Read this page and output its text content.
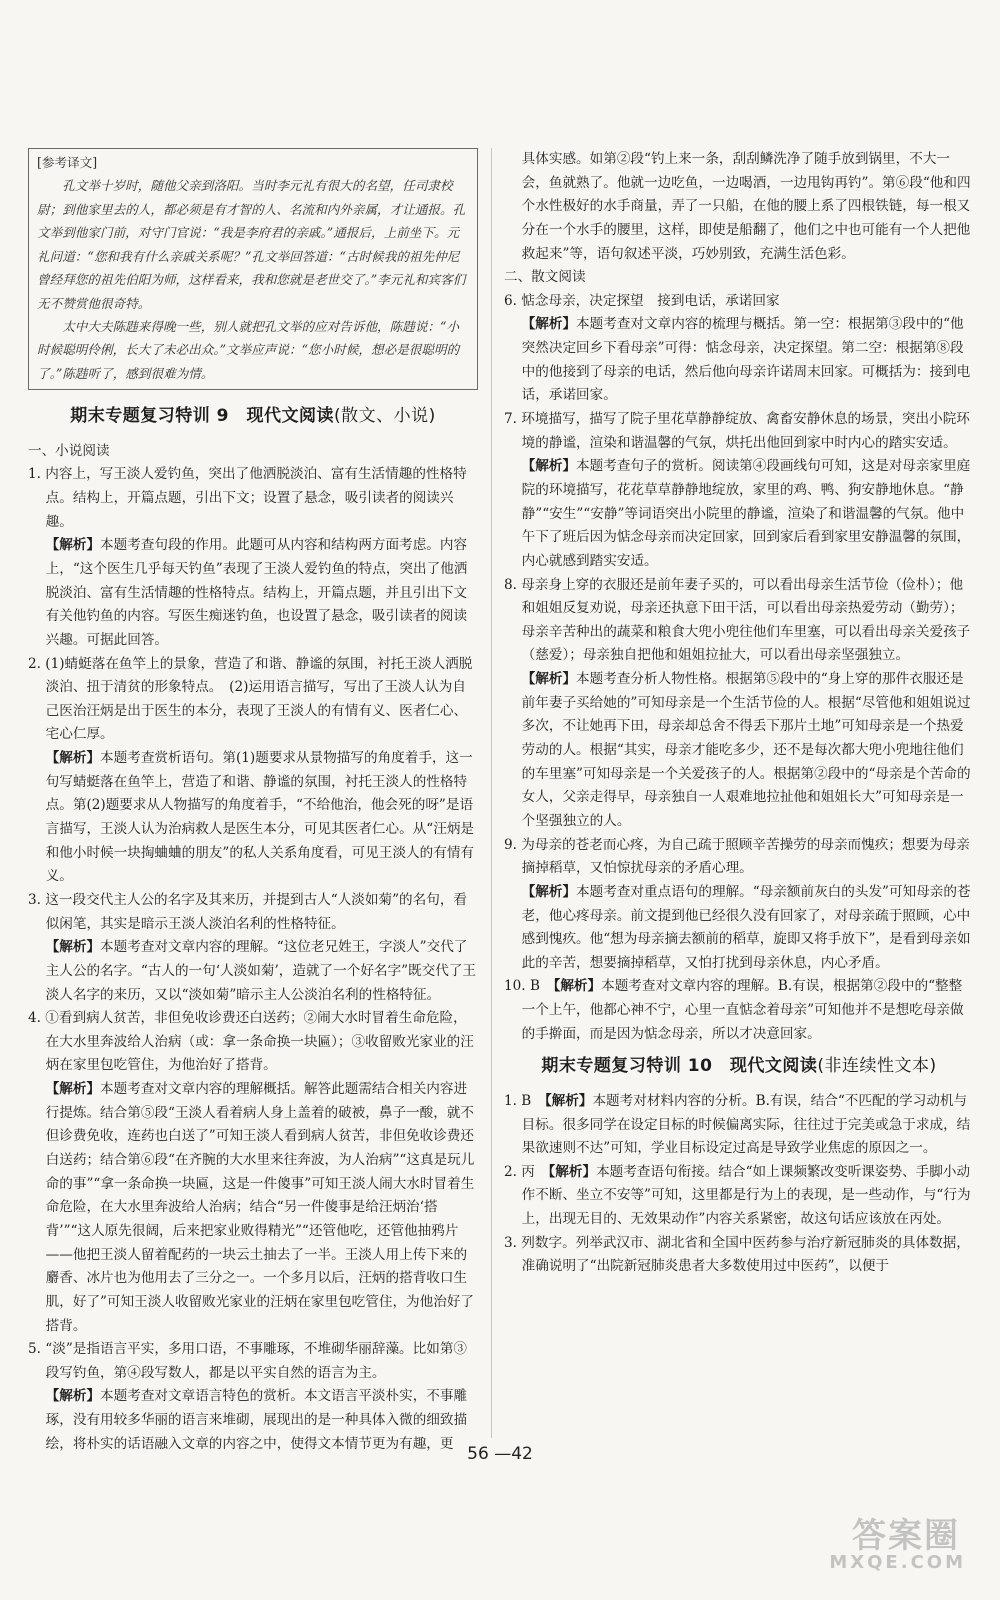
[参考译文]

孔文举十岁时，随他父亲到洛阳。当时李元礼有很大的名望，任司隶校尉；到他家里去的人，都必须是有才智的人、名流和内外亲属，才让通报。孔文举到他家门前，对守门官说：“我是李府君的亲戚。”通报后，上前坐下。元礼问道：“您和我有什么亲戚关系呢？”孔文举回答道：“古时候我的祖先仲尼曾经拜您的祖先伯阳为师，这样看来，我和您就是老世交了。”李元礼和宾客们无不赞赏他很奇特。

太中大夫陈韪来得晚一些，别人就把孔文举的应对告诉他，陈韪说：“小时候聪明伶俐，长大了未必出众。”文举应声说：“您小时候，想必是很聪明的了。”陈韪听了，感到很难为情。

期末专题复习特训 9　现代文阅读(散文、小说)

一、小说阅读

1. 内容上，写王淡人爱钓鱼，突出了他洒脱淡泊、富有生活情趣的性格特点。结构上，开篇点题，引出下文；设置了悬念，吸引读者的阅读兴趣。

【解析】本题考查句段的作用。此题可从内容和结构两方面考虑。内容上，“这个医生几乎每天钓鱼”表现了王淡人爱钓鱼的特点，突出了他洒脱淡泊、富有生活情趣的性格特点。结构上，开篇点题，并且引出下文有关他钓鱼的内容。写医生痴迷钓鱼，也设置了悬念，吸引读者的阅读兴趣。可据此回答。

2. (1)蜻蜓落在鱼竿上的景象，营造了和谐、静谧的氛围，衬托王淡人洒脱淡泊、扭于清贫的形象特点。　(2)运用语言描写，写出了王淡人认为自己医治汪炳是出于医生的本分，表现了王淡人的有情有义、医者仁心、宅心仁厚。

【解析】本题考查赏析语句。第(1)题要求从景物描写的角度着手，这一句写蜻蜓落在鱼竿上，营造了和谐、静谧的氛围，衬托王淡人的性格特点。第(2)题要求从人物描写的角度着手，“不给他治，他会死的呀”是语言描写，王淡人认为治病救人是医生本分，可见其医者仁心。从“汪炳是和他小时候一块掏蛐蛐的朋友”的私人关系角度看，可见王淡人的有情有义。

3. 这一段交代主人公的名字及其来历，并提到古人“人淡如菊”的名句，看似闲笔，其实是暗示王淡人淡泊名利的性格特征。

【解析】本题考查对文章内容的理解。“这位老兄姓王，字淡人”交代了主人公的名字。“古人的一句‘人淡如菊’，造就了一个好名字”既交代了王淡人名字的来历，又以“淡如菊”暗示主人公淡泊名利的性格特征。

4. ①看到病人贫苦，非但免收诊费还白送药；②闹大水时冒着生命危险，在大水里奔波给人治病（或：拿一条命换一块匾）；③收留败光家业的汪炳在家里包吃管住，为他治好了搭背。

【解析】本题考查对文章内容的理解概括。解答此题需结合相关内容进行提炼。结合第⑤段“王淡人看着病人身上盖着的破被，鼻子一酸，就不但诊费免收，连药也白送了”可知王淡人看到病人贫苦，非但免收诊费还白送药；结合第⑥段“在齐腕的大水里来往奔波，为人治病”“这真是玩儿命的事”“拿一条命换一块匾，这是一件傻事”可知王淡人闹大水时冒着生命危险，在大水里奔波给人治病；结合“另一件傻事是给汪炳治‘搭背’”“这人原先很阔，后来把家业败得精光”“还管他吃，还管他抽鸦片——他把王淡人留着配药的一块云土抽去了一半。王淡人用上传下来的麝香、冰片也为他用去了三分之一。一个多月以后，汪炳的搭背收口生肌，好了”可知王淡人收留败光家业的汪炳在家里包吃管住，为他治好了搭背。

5. “淡”是指语言平实，多用口语，不事雕琢，不堆砌华丽辞藻。比如第③段写钓鱼，第④段写数人，都是以平实自然的语言为主。

【解析】本题考查对文章语言特色的赏析。本文语言平淡朴实，不事雕琢，没有用较多华丽的语言来堆砌，展现出的是一种具体入微的细致描绘，将朴实的话语融入文章的内容之中，使得文本情节更为有趣，更

具体实感。如第②段“钓上来一条，刮刮鳞洗净了随手放到锅里，不大一会，鱼就熟了。他就一边吃鱼，一边喝酒，一边甩钩再钓”。第⑥段“他和四个水性极好的水手商量，弄了一只船，在他的腰上系了四根铁链，每一根又分在一个水手的腰里，这样，即使是船翻了，他们之中也可能有一个人把他救起来”等，语句叙述平淡，巧妙别致，充满生活色彩。

二、散文阅读

6. 惦念母亲，决定探望　接到电话，承诺回家

【解析】本题考查对文章内容的梳理与概括。第一空：根据第③段中的“他突然决定回乡下看母亲”可得：惦念母亲，决定探望。第二空：根据第⑧段中的他接到了母亲的电话，然后他向母亲许诺周末回家。可概括为：接到电话，承诺回家。

7. 环境描写，描写了院子里花草静静绽放、禽畜安静休息的场景，突出小院环境的静谧，渲染和谐温馨的气氛，烘托出他回到家中时内心的踏实安适。

【解析】本题考查句子的赏析。阅读第④段画线句可知，这是对母亲家里庭院的环境描写，花花草草静静地绽放，家里的鸡、鸭、狗安静地休息。“静静”“安生”“安静”等词语突出小院里的静谧，渲染了和谐温馨的气氛。他中午下了班后因为惦念母亲而决定回家，回到家后看到家里安静温馨的氛围，内心就感到踏实安适。

8. 母亲身上穿的衣服还是前年妻子买的，可以看出母亲生活节俭（俭朴）；他和姐姐反复劝说，母亲还执意下田干活，可以看出母亲热爱劳动（勤劳）；母亲辛苦种出的蔬菜和粮食大兜小兜往他们车里塞，可以看出母亲关爱孩子（慈爱）；母亲独自把他和姐姐拉扯大，可以看出母亲坚强独立。

【解析】本题考查分析人物性格。根据第⑤段中的“身上穿的那件衣服还是前年妻子买给她的”可知母亲是一个生活节俭的人。根据“尽管他和姐姐说过多次，不让她再下田，母亲却总舍不得丢下那片土地”可知母亲是一个热爱劳动的人。根据“其实，母亲才能吃多少，还不是每次都大兜小兜地往他们的车里塞”可知母亲是一个关爱孩子的人。根据第②段中的“母亲是个苦命的女人，父亲走得早，母亲独自一人艰难地拉扯他和姐姐长大”可知母亲是一个坚强独立的人。

9. 为母亲的苍老而心疼，为自己疏于照顾辛苦操劳的母亲而愧疚；想要为母亲摘掉稻草，又怕惊扰母亲的矛盾心理。

【解析】本题考查对重点语句的理解。“母亲额前灰白的头发”可知母亲的苍老，他心疼母亲。前文提到他已经很久没有回家了，对母亲疏于照顾，心中感到愧疚。他“想为母亲摘去额前的稻草，旋即又将手放下”，是看到母亲如此的辛苦，想要摘掉稻草，又怕打扰到母亲休息，内心矛盾。

10. B　 【解析】本题考查对文章内容的理解。B.有误，根据第②段中的“整整一个上午，他都心神不宁，心里一直惦念着母亲”可知他并不是想吃母亲做的手擀面，而是因为惦念母亲，所以才决意回家。

期末专题复习特训 10　现代文阅读(非连续性文本)

1. B　 【解析】本题考对材料内容的分析。B.有误，结合“不匹配的学习动机与目标。很多同学在设定目标的时候偏离实际，往往过于完美或急于求成，结果欲速则不达”可知，学业目标设定过高是导致学业焦虑的原因之一。

2. 丙　 【解析】本题考查语句衔接。结合“如上课频繁改变听课姿势、手脚小动作不断、坐立不安等”可知，这里都是行为上的表现，是一些动作，与“行为上，出现无目的、无效果动作”内容关系紧密，故这句话应该放在丙处。

3. 列数字。列举武汉市、湖北省和全国中医药参与治疗新冠肺炎的具体数据，准确说明了“出院新冠肺炎患者大多数使用过中医药”，以便于

56 —42
答案圈
MXQE.COM
